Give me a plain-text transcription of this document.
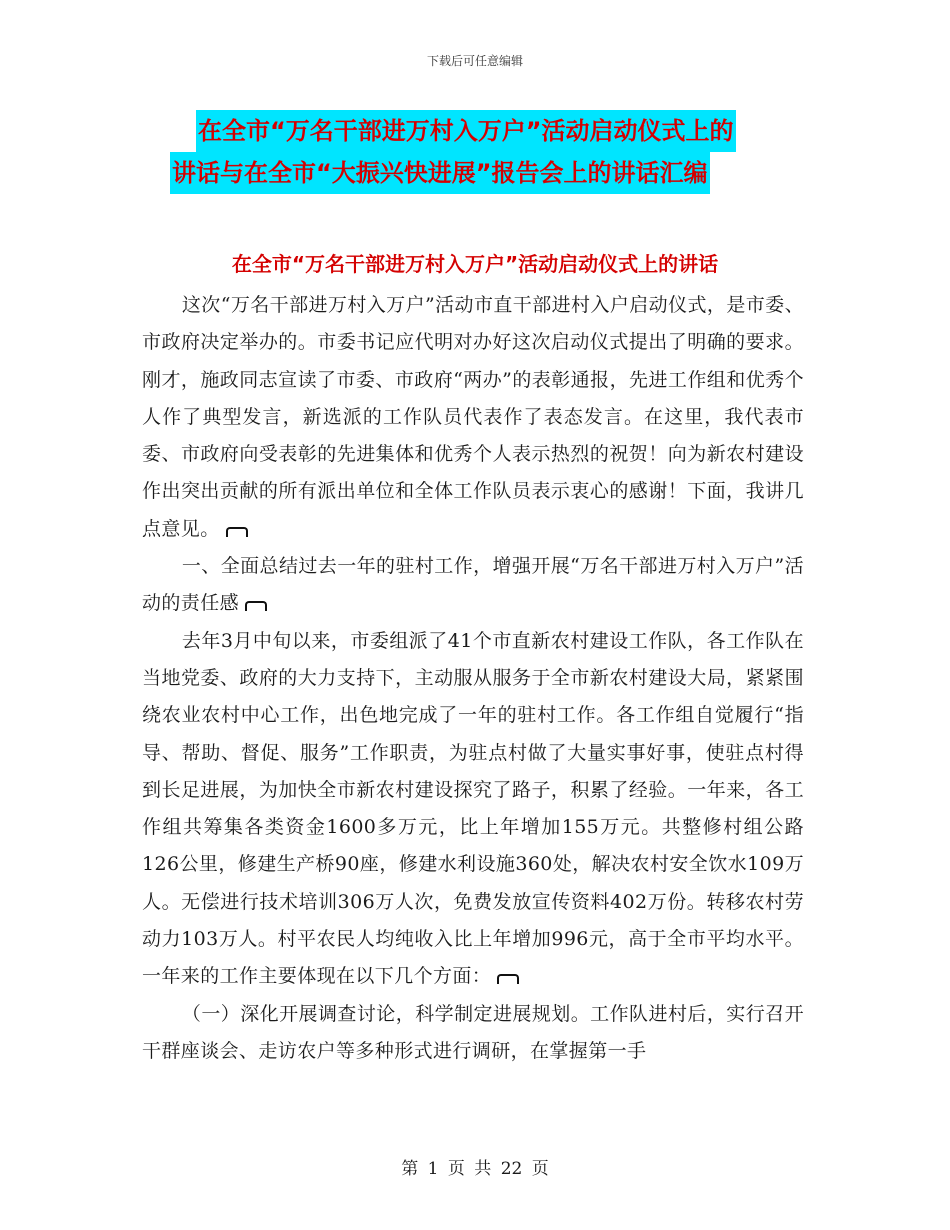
下载后可任意编辑
在全市“万名干部进万村入万户”活动启动仪式上的
讲话与在全市“大振兴快进展”报告会上的讲话汇编
在全市“万名干部进万村入万户”活动启动仪式上的讲话

这次“万名干部进万村入万户”活动市直干部进村入户启动仪式，是市委、市政府决定举办的。市委书记应代明对办好这次启动仪式提出了明确的要求。刚才，施政同志宣读了市委、市政府“两办”的表彰通报，先进工作组和优秀个人作了典型发言，新选派的工作队员代表作了表态发言。在这里，我代表市委、市政府向受表彰的先进集体和优秀个人表示热烈的祝贺！向为新农村建设作出突出贡献的所有派出单位和全体工作队员表示衷心的感谢！下面，我讲几点意见。

一、全面总结过去一年的驻村工作，增强开展“万名干部进万村入万户”活动的责任感

去年3月中旬以来，市委组派了41个市直新农村建设工作队，各工作队在当地党委、政府的大力支持下，主动服从服务于全市新农村建设大局，紧紧围绕农业农村中心工作，出色地完成了一年的驻村工作。各工作组自觉履行“指导、帮助、督促、服务”工作职责，为驻点村做了大量实事好事，使驻点村得到长足进展，为加快全市新农村建设探究了路子，积累了经验。一年来，各工作组共筹集各类资金1600多万元，比上年增加155万元。共整修村组公路126公里，修建生产桥90座，修建水利设施360处，解决农村安全饮水109万人。无偿进行技术培训306万人次，免费发放宣传资料402万份。转移农村劳动力103万人。村平农民人均纯收入比上年增加996元，高于全市平均水平。一年来的工作主要体现在以下几个方面：

（一）深化开展调查讨论，科学制定进展规划。工作队进村后，实行召开干群座谈会、走访农户等多种形式进行调研，在掌握第一手

第 1 页 共 22 页
